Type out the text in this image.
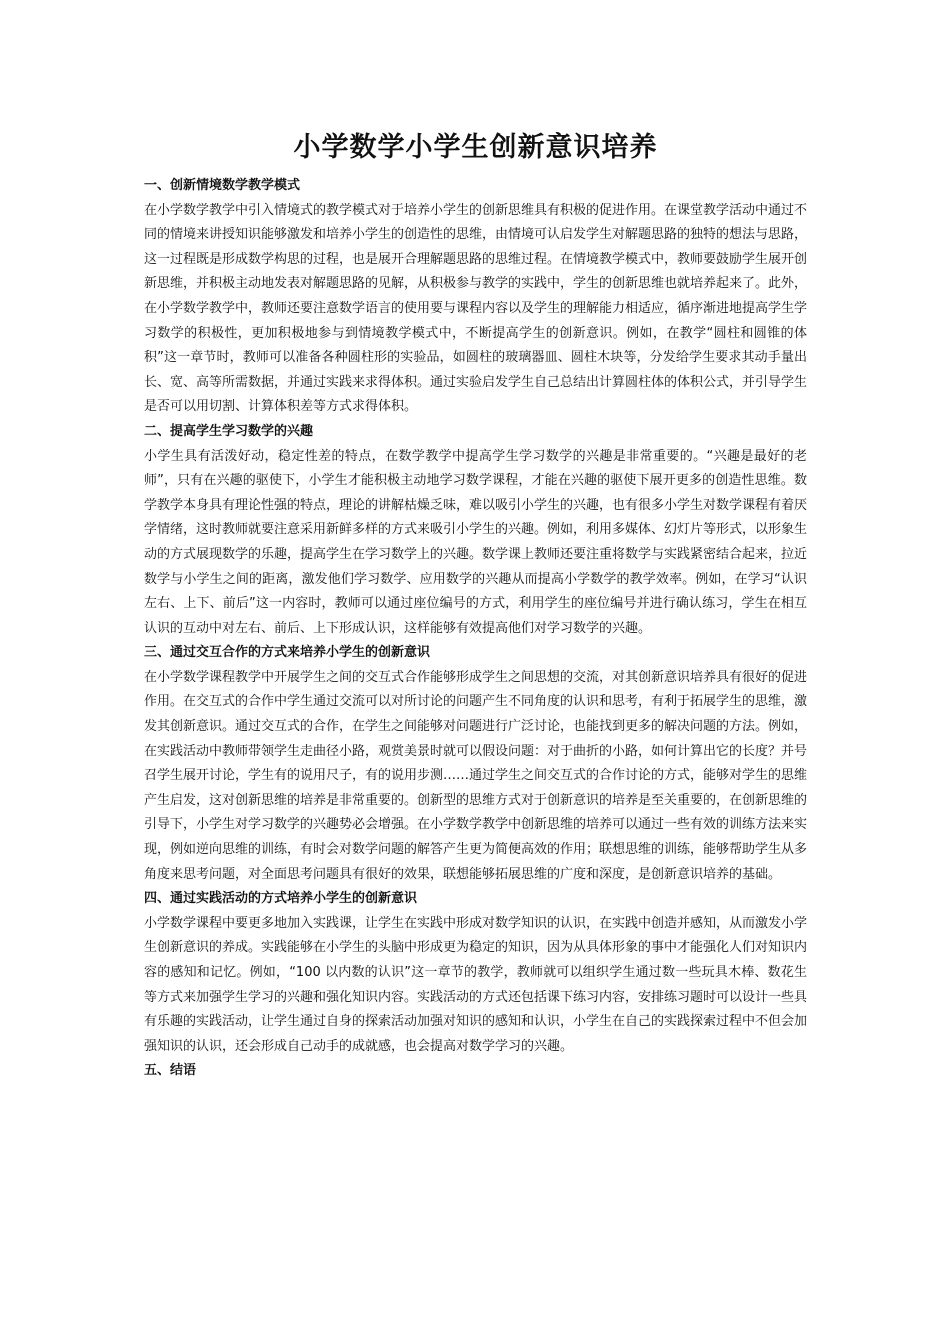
小学数学小学生创新意识培养
一、创新情境数学教学模式

在小学数学教学中引入情境式的教学模式对于培养小学生的创新思维具有积极的促进作用。在课堂教学活动中通过不同的情境来讲授知识能够激发和培养小学生的创造性的思维，由情境可认启发学生对解题思路的独特的想法与思路，这一过程既是形成数学构思的过程，也是展开合理解题思路的思维过程。在情境教学模式中，教师要鼓励学生展开创新思维，并积极主动地发表对解题思路的见解，从积极参与教学的实践中，学生的创新思维也就培养起来了。此外，在小学数学教学中，教师还要注意数学语言的使用要与课程内容以及学生的理解能力相适应，循序渐进地提高学生学习数学的积极性，更加积极地参与到情境教学模式中，不断提高学生的创新意识。例如，在教学“圆柱和圆锥的体积”这一章节时，教师可以准备各种圆柱形的实验品，如圆柱的玻璃器皿、圆柱木块等，分发给学生要求其动手量出长、宽、高等所需数据，并通过实践来求得体积。通过实验启发学生自己总结出计算圆柱体的体积公式，并引导学生是否可以用切割、计算体积差等方式求得体积。

二、提高学生学习数学的兴趣

小学生具有活泼好动，稳定性差的特点，在数学教学中提高学生学习数学的兴趣是非常重要的。“兴趣是最好的老师”，只有在兴趣的驱使下，小学生才能积极主动地学习数学课程，才能在兴趣的驱使下展开更多的创造性思维。数学教学本身具有理论性强的特点，理论的讲解枯燥乏味，难以吸引小学生的兴趣，也有很多小学生对数学课程有着厌学情绪，这时教师就要注意采用新鲜多样的方式来吸引小学生的兴趣。例如，利用多媒体、幻灯片等形式，以形象生动的方式展现数学的乐趣，提高学生在学习数学上的兴趣。数学课上教师还要注重将数学与实践紧密结合起来，拉近数学与小学生之间的距离，激发他们学习数学、应用数学的兴趣从而提高小学数学的教学效率。例如，在学习“认识左右、上下、前后”这一内容时，教师可以通过座位编号的方式，利用学生的座位编号并进行确认练习，学生在相互认识的互动中对左右、前后、上下形成认识，这样能够有效提高他们对学习数学的兴趣。

三、通过交互合作的方式来培养小学生的创新意识

在小学数学课程教学中开展学生之间的交互式合作能够形成学生之间思想的交流，对其创新意识培养具有很好的促进作用。在交互式的合作中学生通过交流可以对所讨论的问题产生不同角度的认识和思考，有利于拓展学生的思维，激发其创新意识。通过交互式的合作，在学生之间能够对问题进行广泛讨论，也能找到更多的解决问题的方法。例如，在实践活动中教师带领学生走曲径小路，观赏美景时就可以假设问题：对于曲折的小路，如何计算出它的长度？并号召学生展开讨论，学生有的说用尺子，有的说用步测……通过学生之间交互式的合作讨论的方式，能够对学生的思维产生启发，这对创新思维的培养是非常重要的。创新型的思维方式对于创新意识的培养是至关重要的，在创新思维的引导下，小学生对学习数学的兴趣势必会增强。在小学数学教学中创新思维的培养可以通过一些有效的训练方法来实现，例如逆向思维的训练，有时会对数学问题的解答产生更为简便高效的作用；联想思维的训练，能够帮助学生从多角度来思考问题，对全面思考问题具有很好的效果，联想能够拓展思维的广度和深度，是创新意识培养的基础。

四、通过实践活动的方式培养小学生的创新意识

小学数学课程中要更多地加入实践课，让学生在实践中形成对数学知识的认识，在实践中创造并感知，从而激发小学生创新意识的养成。实践能够在小学生的头脑中形成更为稳定的知识，因为从具体形象的事中才能强化人们对知识内容的感知和记忆。例如，“100 以内数的认识”这一章节的教学，教师就可以组织学生通过数一些玩具木棒、数花生等方式来加强学生学习的兴趣和强化知识内容。实践活动的方式还包括课下练习内容，安排练习题时可以设计一些具有乐趣的实践活动，让学生通过自身的探索活动加强对知识的感知和认识，小学生在自己的实践探索过程中不但会加强知识的认识，还会形成自己动手的成就感，也会提高对数学学习的兴趣。

五、结语
